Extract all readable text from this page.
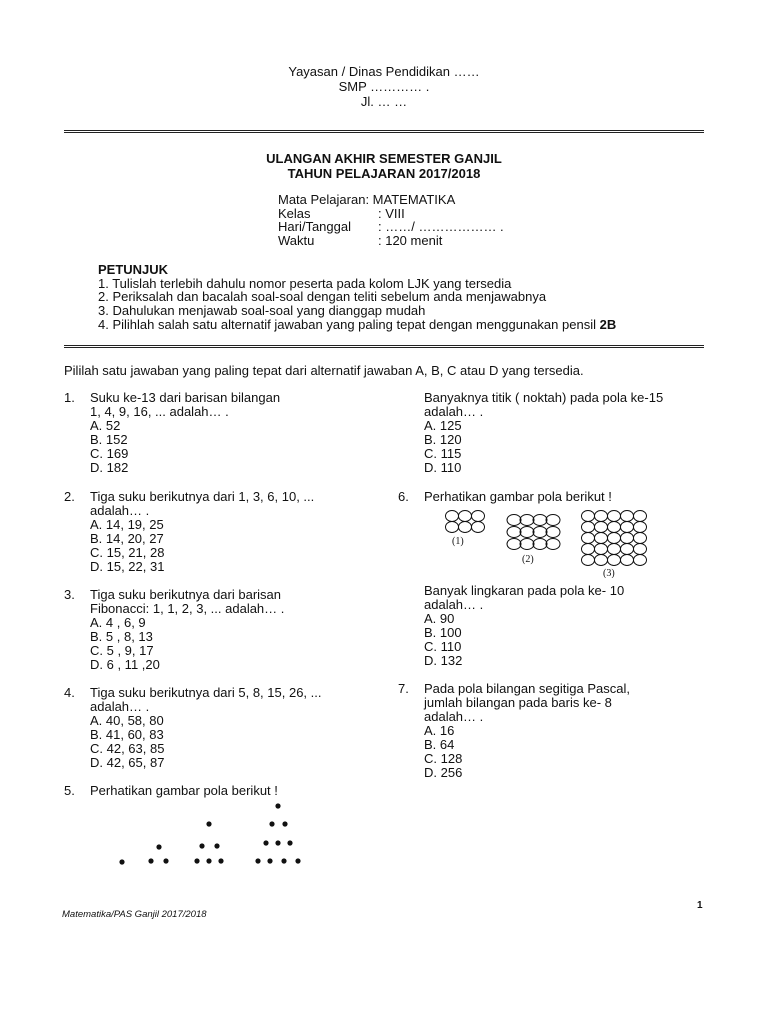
Yayasan / Dinas Pendidikan ……
SMP ………… .
Jl. … …
ULANGAN AKHIR SEMESTER GANJIL
TAHUN PELAJARAN 2017/2018
Mata Pelajaran: MATEMATIKA
Kelas	: VIII
Hari/Tanggal : ……/ ……………… .
Waktu	: 120 menit
PETUNJUK
1. Tulislah terlebih dahulu nomor peserta pada kolom LJK yang tersedia
2. Periksalah dan bacalah soal-soal dengan teliti sebelum anda menjawabnya
3. Dahulukan menjawab soal-soal yang dianggap mudah
4. Pilihlah salah satu alternatif jawaban yang paling tepat dengan menggunakan pensil 2B
Pililah satu jawaban yang paling tepat dari alternatif jawaban A, B, C atau D yang tersedia.
1. Suku ke-13 dari barisan bilangan
1, 4, 9, 16, ... adalah… .
A. 52
B. 152
C. 169
D. 182
2. Tiga suku berikutnya dari 1, 3, 6, 10, ...
adalah… .
A. 14, 19, 25
B. 14, 20, 27
C. 15, 21, 28
D. 15, 22, 31
3. Tiga suku berikutnya dari barisan
Fibonacci: 1, 1, 2, 3, ... adalah… .
A. 4 , 6, 9
B. 5 , 8, 13
C. 5 , 9, 17
D. 6 , 11 ,20
4. Tiga suku berikutnya dari 5, 8, 15, 26, ...
adalah… .
A. 40, 58, 80
B. 41, 60, 83
C. 42, 63, 85
D. 42, 65, 87
5. Perhatikan gambar pola berikut !
Banyaknya titik ( noktah) pada pola ke-15
adalah… .
A. 125
B. 120
C. 115
D. 110
6. Perhatikan gambar pola berikut !
(1)
(2)
(3)
Banyak lingkaran pada pola ke- 10
adalah… .
A. 90
B. 100
C. 110
D. 132
7. Pada pola bilangan segitiga Pascal,
jumlah bilangan pada baris ke- 8
adalah… .
A. 16
B. 64
C. 128
D. 256
1
Matematika/PAS Ganjil 2017/2018
